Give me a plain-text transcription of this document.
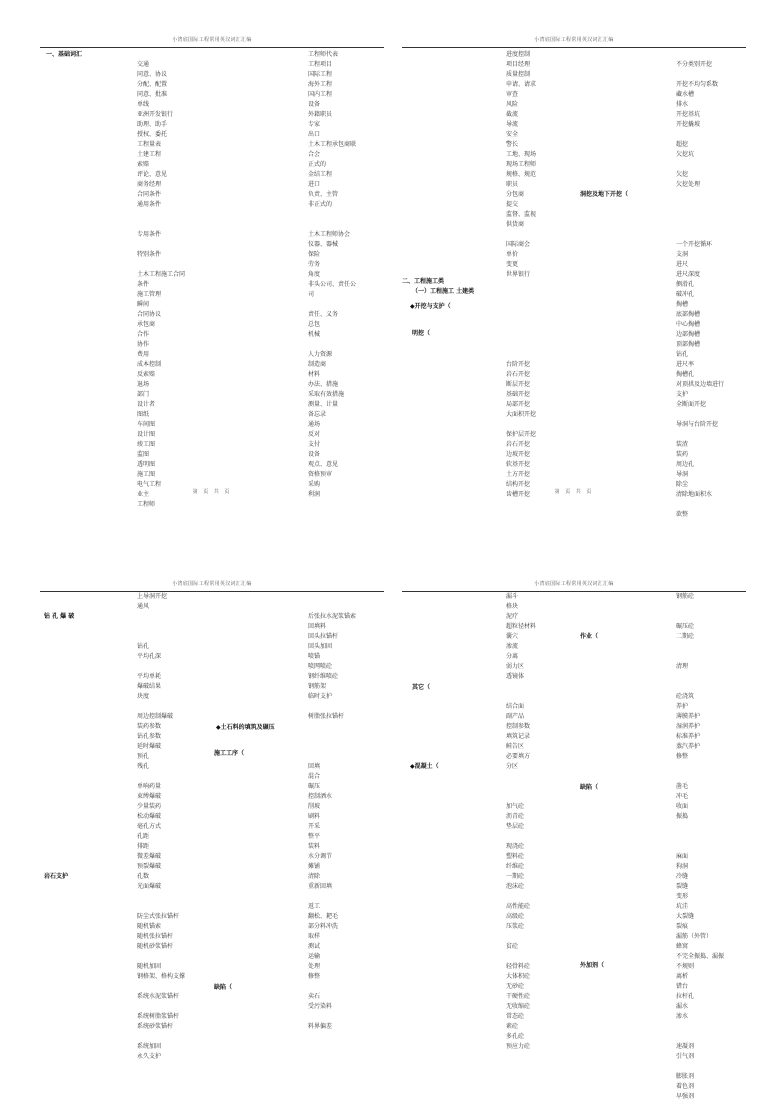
小湾底国际工程常用英汉词汇汇编
一、基础词汇

交通

同意、协议

分配、配置

同意、批准

单线

亚洲开发银行

助理、助手

授权、委托

工程量表

土建工程

索赔

评论、意见

商务经理

合同条件

通用条件

专用条件

特别条件

土木工程施工合同

条件

施工管理

瞬间

合同协议

承包商

合作

协作

费用

成本控制

反索赔

退场

部门

设计者

图纸

车间图

设计图

竣工图

监图

透明图

施工图

电气工程

业主

工程师

工程师代表

工程项目

国际工程

海外工程

国内工程

设备

外籍职员

专家

出口

土木工程承包商联

合会

正式的

金结工程

进口

负责、主管

非正式的

土木工程师协会

仪器、器械

保险

劳务

角度

非头公司、责任公

司

责任、义务

总包

机械

人力资源

制造商

材料

办法、措施

采取有效措施

测量、计量

备忘录

通场

反对

支付

设备

观点、意见

资格预审

采购

利润

第 页 共 页
小湾底国际工程常用英汉词汇汇编

进度控制

项目经理

质量控制

申请、请求

审查

风险

截流

导流

安全

警长

工地、现场

现场工程师

规格、规范

职员

分包商

提交

监督、监视

供货商

国际商会

单价

变更

世界银行

台阶开挖

岩石开挖

断层开挖

基础开挖

局部开挖

大面积开挖

保护层开挖

岩石开挖

边坡开挖

软基开挖

土方开挖

结构开挖

齿槽开挖

不分类别开挖

开挖不均匀系数

藏水槽

排水

开挖基坑

开挖撬坡

超挖

欠挖坑

欠挖

欠挖处理

一个开挖循环

支洞

进尺

进尺深度

侧滑孔

破冲孔

掏槽

底部掏槽

中心掏槽

边部掏槽

顶部掏槽

钻孔

进尺率

掏槽孔

对顶拱及边墙进行

支护

全断面开挖

导洞与台阶开挖

装渣

装药

周边孔

导洞

除尘

清除地面积水

欲整

二、工程施工类
（一）工程施工 土建类
◆开挖与支护（
明挖（
洞挖及地下开挖（
第 页 共 页
小湾底国际工程常用英汉词汇汇编

上导洞开挖

通风

钻孔

平均孔深

平均单耗

爆破结果

块度

周边控制爆破

装药参数

钻孔参数

延时爆破

预孔

残孔

单响药量

束缚爆破

少量装药

松动爆破

毫孔方式

孔距

排距

微差爆破

预裂爆破

孔数

光面爆破

防尘式张拉锚杆

随机锚索

随机张拉锚杆

随机砂浆锚杆

随机加固

钢格架、格构支撑

系统水泥浆锚杆

系统树脂浆锚杆

系统砂浆锚杆

系统加固

永久支护

后张拉水泥浆锚索

回填料

回头拉锚杆

回头加固

喷锚

喷网喷砼

钢纤维喷砼

钢筋架

临时支护

树脂张拉锚杆

回填

混合

碾压

控制洒水

削坡

刷料

开采

整平

装料

水分调节

摊铺

清除

重新回填

返工

翻松、耙毛

部分料冲洗

取样

测试

运输

处理

修整

卖石

受污染料

料界偏差

钻 孔 爆 破
岩石支护
◆土石料的填筑及碾压
施工工序（
缺陷（
小湾底国际工程常用英汉词汇汇编

漏斗

格块

泥疗

超粒径材料

囊穴

渗流

分离

弱力区

透镜体

结合面

副产品

控制参数

填筑记录

鲑告区

必要填方

分区

加气砼

沥青砼

垫层砼

现浇砼

塑料砼

纤维砼

一期砼

泡沫砼

高性能砼

高级砼

压浆砼

贫砼

轻骨料砼

大体积砼

无砂砼

干硬性砼

无收缩砼

常态砼

素砼

多孔砼

预应力砼

钢筋砼

碾压砼

二期砼

清理

砼浇筑

养护

薄膜养护

湿润养护

标准养护

蒸汽养护

修整

凿毛

冲毛

收面

振捣

麻面

狗洞

冷缝

裂缝

变形

坑洼

大裂缝

裂痕

漏筋（外管）

蜂窝

不完全振捣、漏振

不规则

离析

错台

拉杆孔

漏水

渗水

速凝剂

引气剂

膨胀剂

着色剂

早强剂

其它（
◆混凝土（
作业（
缺陷（
外加剂（
